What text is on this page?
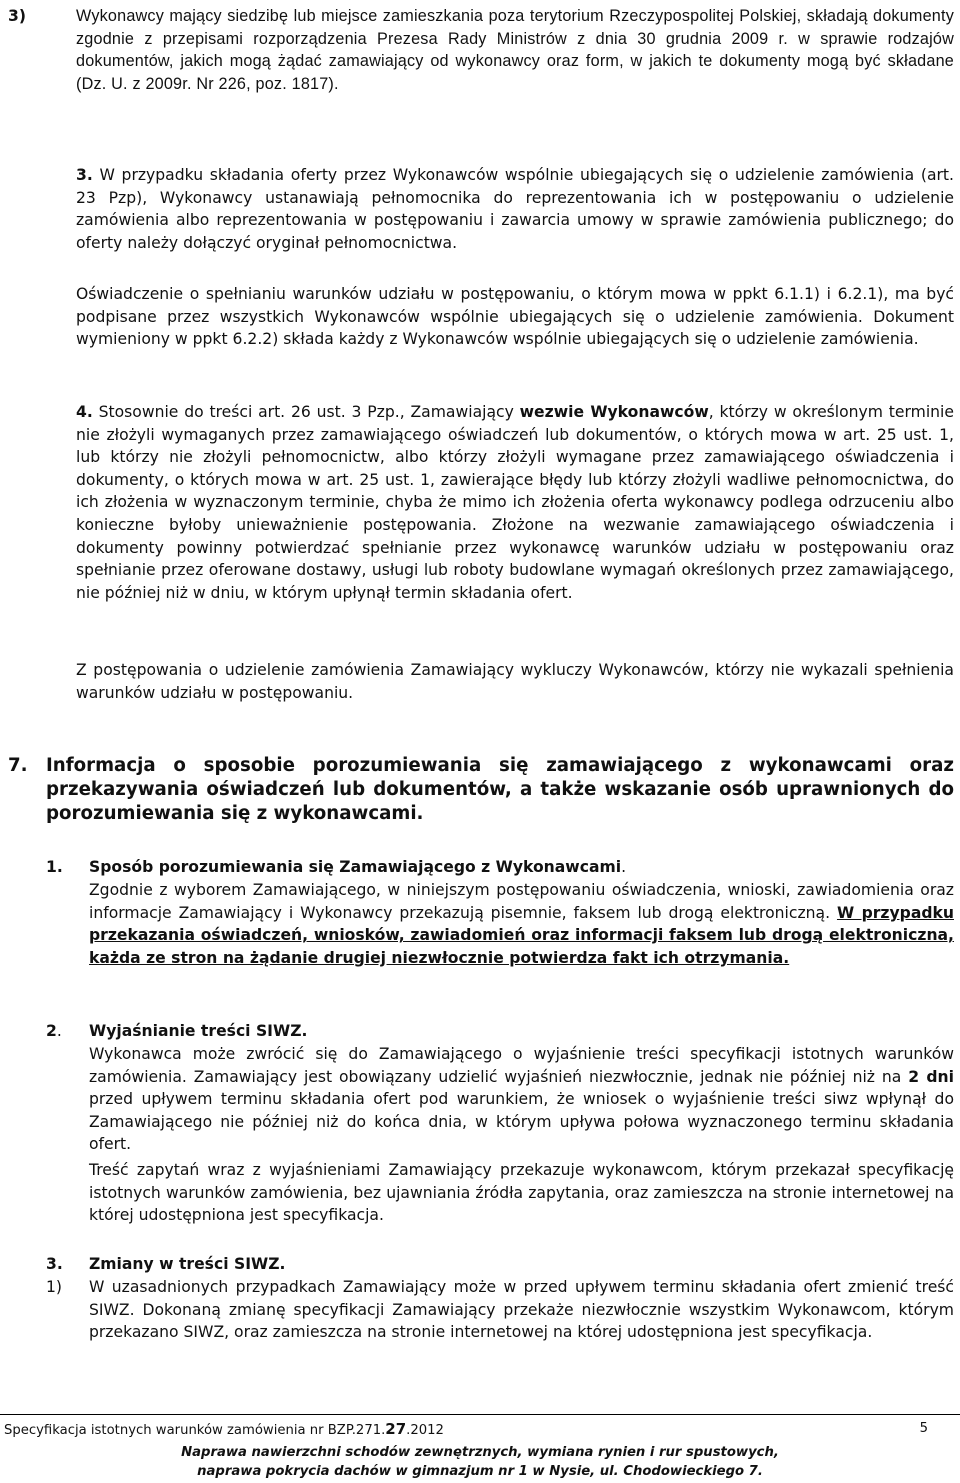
3)	Wykonawcy mający siedzibę lub miejsce zamieszkania poza terytorium Rzeczypospolitej Polskiej, składają dokumenty zgodnie z przepisami rozporządzenia Prezesa Rady Ministrów z dnia 30 grudnia 2009 r. w sprawie rodzajów dokumentów, jakich mogą żądać zamawiający od wykonawcy oraz form, w jakich te dokumenty mogą być składane (Dz. U. z 2009r. Nr 226, poz. 1817).
3. W przypadku składania oferty przez Wykonawców wspólnie ubiegających się o udzielenie zamówienia (art. 23 Pzp), Wykonawcy ustanawiają pełnomocnika do reprezentowania ich w postępowaniu o udzielenie zamówienia albo reprezentowania w postępowaniu i zawarcia umowy w sprawie zamówienia publicznego; do oferty należy dołączyć oryginał pełnomocnictwa.
Oświadczenie o spełnianiu warunków udziału w postępowaniu, o którym mowa w ppkt 6.1.1) i 6.2.1), ma być podpisane przez wszystkich Wykonawców wspólnie ubiegających się o udzielenie zamówienia. Dokument wymieniony w ppkt 6.2.2) składa każdy z Wykonawców wspólnie ubiegających się o udzielenie zamówienia.
4. Stosownie do treści art. 26 ust. 3 Pzp., Zamawiający wezwie Wykonawców, którzy w określonym terminie nie złożyli wymaganych przez zamawiającego oświadczeń lub dokumentów, o których mowa w art. 25 ust. 1, lub którzy nie złożyli pełnomocnictw, albo którzy złożyli wymagane przez zamawiającego oświadczenia i dokumenty, o których mowa w art. 25 ust. 1, zawierające błędy lub którzy złożyli wadliwe pełnomocnictwa, do ich złożenia w wyznaczonym terminie, chyba że mimo ich złożenia oferta wykonawcy podlega odrzuceniu albo konieczne byłoby unieważnienie postępowania. Złożone na wezwanie zamawiającego oświadczenia i dokumenty powinny potwierdzać spełnianie przez wykonawcę warunków udziału w postępowaniu oraz spełnianie przez oferowane dostawy, usługi lub roboty budowlane wymagań określonych przez zamawiającego, nie później niż w dniu, w którym upłynął termin składania ofert.
Z postępowania o udzielenie zamówienia Zamawiający wykluczy Wykonawców, którzy nie wykazali spełnienia warunków udziału w postępowaniu.
7. Informacja o sposobie porozumiewania się zamawiającego z wykonawcami oraz przekazywania oświadczeń lub dokumentów, a także wskazanie osób uprawnionych do porozumiewania się z wykonawcami.
1. Sposób porozumiewania się Zamawiającego z Wykonawcami.
Zgodnie z wyborem Zamawiającego, w niniejszym postępowaniu oświadczenia, wnioski, zawiadomienia oraz informacje Zamawiający i Wykonawcy przekazują pisemnie, faksem lub drogą elektroniczną. W przypadku przekazania oświadczeń, wniosków, zawiadomień oraz informacji faksem lub drogą elektroniczna, każda ze stron na żądanie drugiej niezwłocznie potwierdza fakt ich otrzymania.
2. Wyjaśnianie treści SIWZ.
Wykonawca może zwrócić się do Zamawiającego o wyjaśnienie treści specyfikacji istotnych warunków zamówienia. Zamawiający jest obowiązany udzielić wyjaśnień niezwłocznie, jednak nie później niż na 2 dni przed upływem terminu składania ofert pod warunkiem, że wniosek o wyjaśnienie treści siwz wpłynął do Zamawiającego nie później niż do końca dnia, w którym upływa połowa wyznaczonego terminu składania ofert.
Treść zapytań wraz z wyjaśnieniami Zamawiający przekazuje wykonawcom, którym przekazał specyfikację istotnych warunków zamówienia, bez ujawniania źródła zapytania, oraz zamieszcza na stronie internetowej na której udostępniona jest specyfikacja.
3. Zmiany w treści SIWZ.
1) W uzasadnionych przypadkach Zamawiający może w przed upływem terminu składania ofert zmienić treść SIWZ. Dokonaną zmianę specyfikacji Zamawiający przekaże niezwłocznie wszystkim Wykonawcom, którym przekazano SIWZ, oraz zamieszcza na stronie internetowej na której udostępniona jest specyfikacja.
Specyfikacja istotnych warunków zamówienia nr BZP.271.27.2012	5
Naprawa nawierzchni schodów zewnętrznych, wymiana rynien i rur spustowych,
naprawa pokrycia dachów w gimnazjum nr 1 w Nysie, ul. Chodowieckiego 7.
